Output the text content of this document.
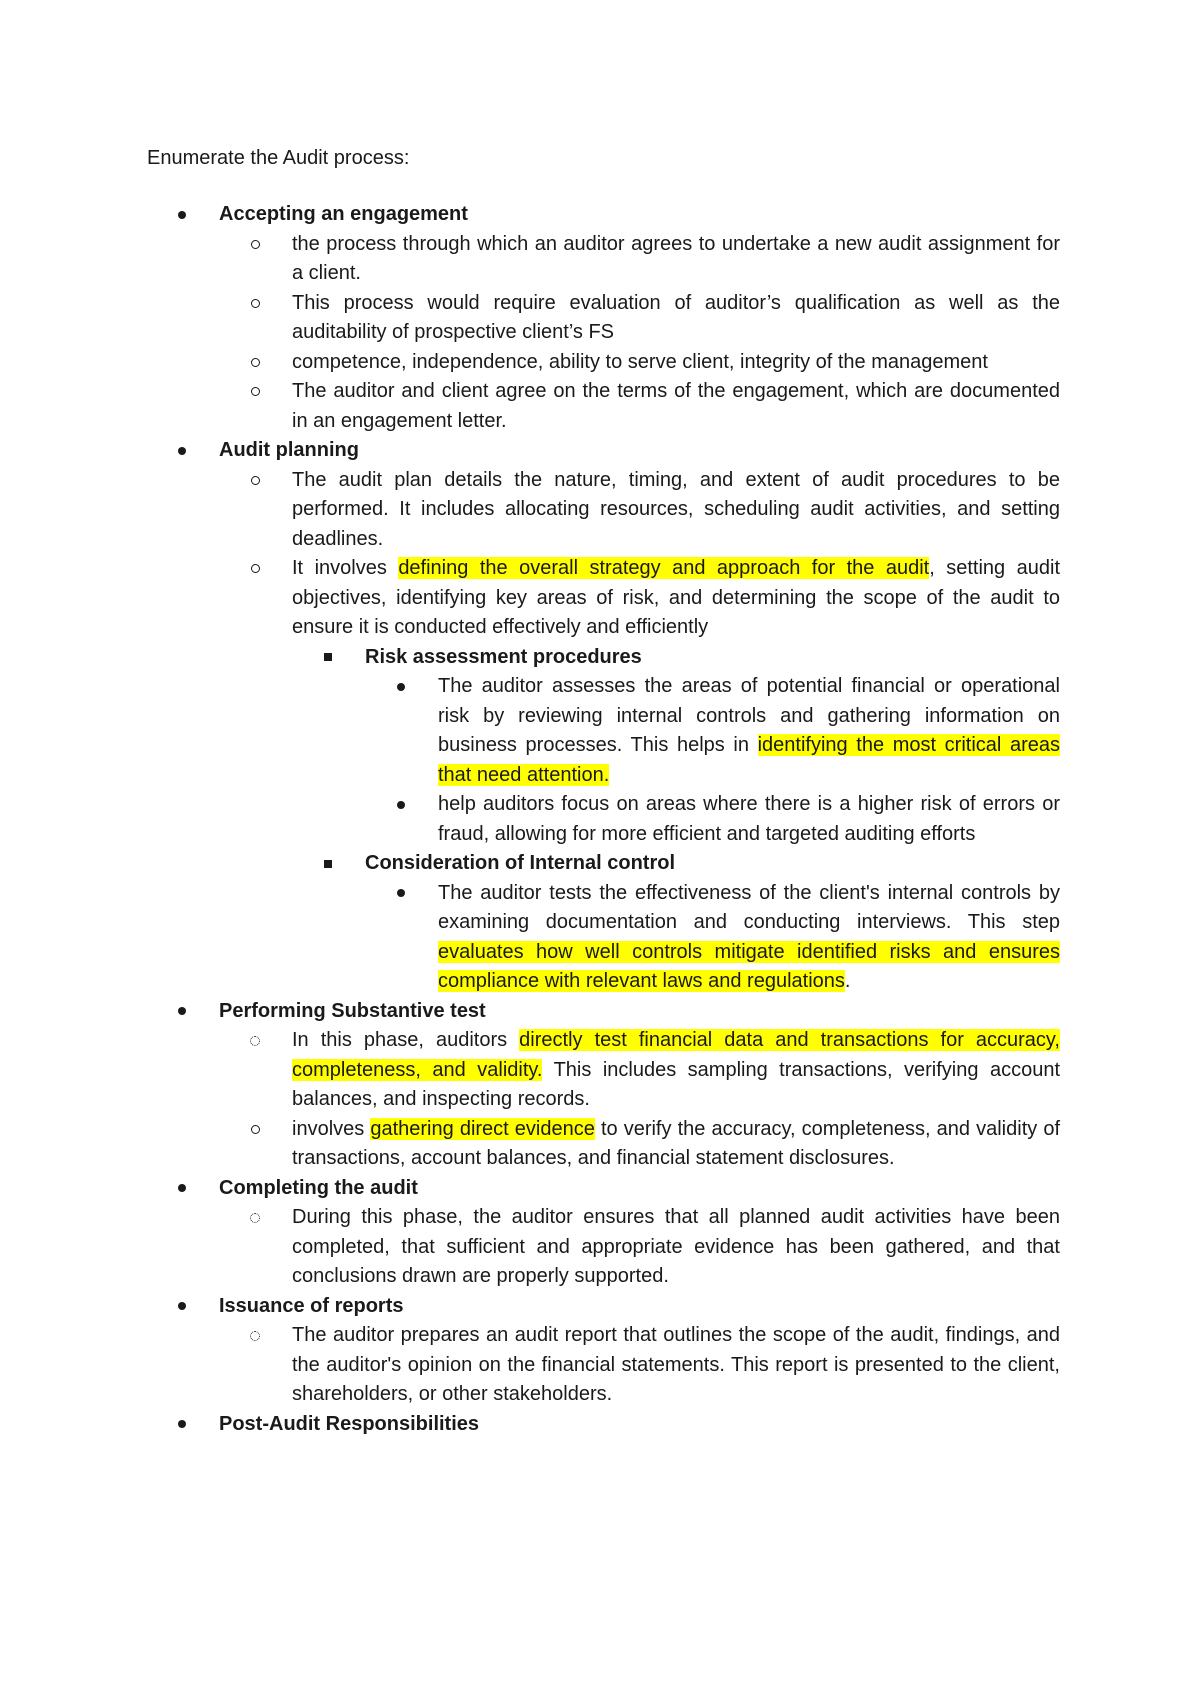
Enumerate the Audit process:
Accepting an engagement
the process through which an auditor agrees to undertake a new audit assignment for a client.
This process would require evaluation of auditor’s qualification as well as the auditability of prospective client’s FS
competence, independence, ability to serve client, integrity of the management
The auditor and client agree on the terms of the engagement, which are documented in an engagement letter.
Audit planning
The audit plan details the nature, timing, and extent of audit procedures to be performed. It includes allocating resources, scheduling audit activities, and setting deadlines.
It involves defining the overall strategy and approach for the audit, setting audit objectives, identifying key areas of risk, and determining the scope of the audit to ensure it is conducted effectively and efficiently
Risk assessment procedures
The auditor assesses the areas of potential financial or operational risk by reviewing internal controls and gathering information on business processes. This helps in identifying the most critical areas that need attention.
help auditors focus on areas where there is a higher risk of errors or fraud, allowing for more efficient and targeted auditing efforts
Consideration of Internal control
The auditor tests the effectiveness of the client's internal controls by examining documentation and conducting interviews. This step evaluates how well controls mitigate identified risks and ensures compliance with relevant laws and regulations.
Performing Substantive test
In this phase, auditors directly test financial data and transactions for accuracy, completeness, and validity. This includes sampling transactions, verifying account balances, and inspecting records.
involves gathering direct evidence to verify the accuracy, completeness, and validity of transactions, account balances, and financial statement disclosures.
Completing the audit
During this phase, the auditor ensures that all planned audit activities have been completed, that sufficient and appropriate evidence has been gathered, and that conclusions drawn are properly supported.
Issuance of reports
The auditor prepares an audit report that outlines the scope of the audit, findings, and the auditor's opinion on the financial statements. This report is presented to the client, shareholders, or other stakeholders.
Post-Audit Responsibilities
